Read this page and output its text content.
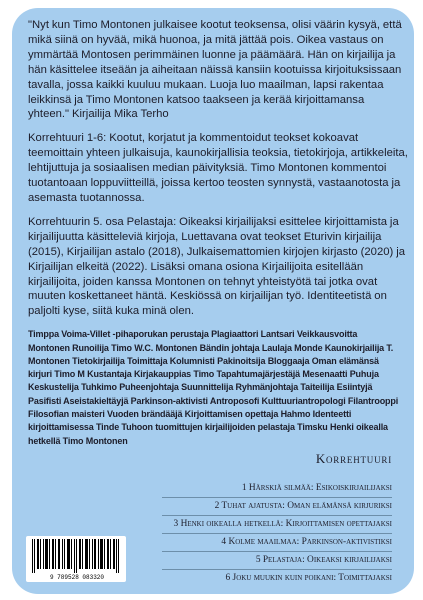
"Nyt kun Timo Montonen julkaisee kootut teoksensa, olisi väärin kysyä, että mikä siinä on hyvää, mikä huonoa, ja mitä jättää pois. Oikea vastaus on ymmärtää Montosen perimmäinen luonne ja päämäärä. Hän on kirjailija ja hän käsittelee itseään ja aiheitaan näissä kansiin kootuissa kirjoituksissaan tavalla, jossa kaikki kuuluu mukaan. Luoja luo maailman, lapsi rakentaa leikkinsä ja Timo Montonen katsoo taakseen ja kerää kirjoittamansa yhteen." Kirjailija Mika Terho

Korrehtuuri 1-6: Kootut, korjatut ja kommentoidut teokset kokoavat teemoittain yhteen julkaisuja, kaunokirjallisia teoksia, tietokirjoja, artikkeleita, lehtijuttuja ja sosiaalisen median päivityksiä. Timo Montonen kommentoi tuotantoaan loppuviitteillä, joissa kertoo teosten synnystä, vastaanotosta ja asemasta tuotannossa.

Korrehtuurin 5. osa Pelastaja: Oikeaksi kirjailijaksi esittelee kirjoittamista ja kirjailijuutta käsitteleviä kirjoja, Luettavana ovat teokset Eturivin kirjailija (2015), Kirjailijan astalo (2018), Julkaisemattomien kirjojen kirjasto (2020) ja Kirjailijan elkeitä (2022). Lisäksi omana osiona Kirjailijoita esitellään kirjailijoita, joiden kanssa Montonen on tehnyt yhteistyötä tai jotka ovat muuten koskettaneet häntä. Keskiössä on kirjailijan työ. Identiteetistä on paljolti kyse, siitä kuka minä olen.

Timppa Voima-Villet -pihaporukan perustaja Plagiaattori Lantsari Veikkausvoitta Montonen Runoilija Timo W.C. Montonen Bändin johtaja Laulaja Monde Kaunokirjailija T. Montonen Tietokirjailija Toimittaja Kolumnisti Pakinoitsija Bloggaaja Oman elämänsä kirjuri Timo M Kustantaja Kirjakauppias Timo Tapahtumajärjestäjä Mesenaatti Puhuja Keskustelija Tuhkimo Puheenjohtaja Suunnittelija Ryhmänjohtaja Taiteilija Esiintyjä Pasifisti Aseistakieltäyjä Parkinson-aktivisti Antroposofi Kulttuuriantropologi Filantrooppi Filosofian maisteri Vuoden brändääjä Kirjoittamisen opettaja Hahmo Identeetti kirjoittamisessa Tinde Tuhoon tuomittujen kirjailijoiden pelastaja Timsku Henki oikealla hetkellä Timo Montonen

Korrehtuuri
1 Härskiä silmää: Esikoiskirjailijaksi
2 Tuhat ajatusta: Oman elämänsä kirjuriksi
3 Henki oikealla hetkellä: Kirjoittamisen opettajaksi
4 Kolme maailmaa: Parkinson-aktivistiksi
5 Pelastaja: Oikeaksi kirjailijaksi
6 Joku muukin kuin poikani: Toimittajaksi
9 789528 083320
